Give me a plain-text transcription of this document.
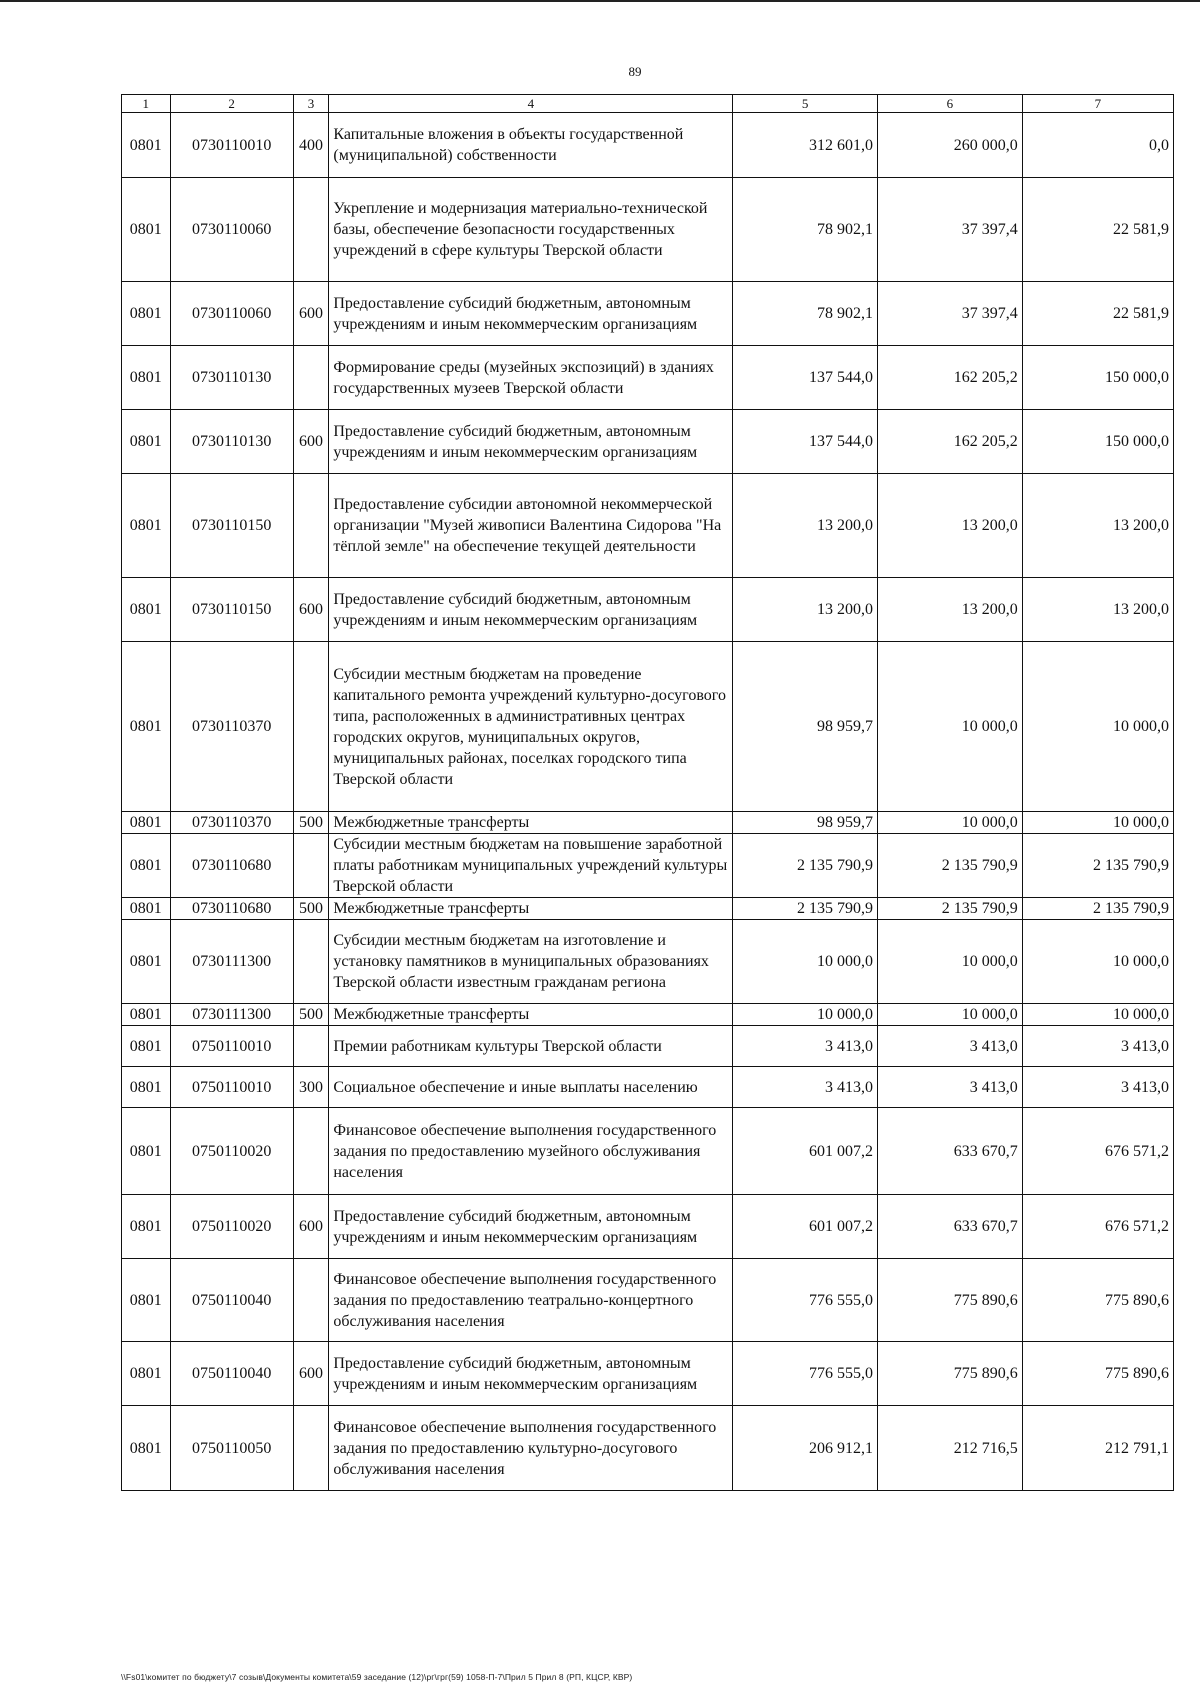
89
1	2	3	4	5	6	7
0801	0730110010	400	Капитальные вложения в объекты государственной (муниципальной) собственности	312 601,0	260 000,0	0,0
0801	0730110060		Укрепление и модернизация материально-технической базы, обеспечение безопасности государственных учреждений в сфере культуры Тверской области	78 902,1	37 397,4	22 581,9
0801	0730110060	600	Предоставление субсидий бюджетным, автономным учреждениям и иным некоммерческим организациям	78 902,1	37 397,4	22 581,9
0801	0730110130		Формирование среды (музейных экспозиций) в зданиях государственных музеев Тверской области	137 544,0	162 205,2	150 000,0
0801	0730110130	600	Предоставление субсидий бюджетным, автономным учреждениям и иным некоммерческим организациям	137 544,0	162 205,2	150 000,0
0801	0730110150		Предоставление субсидии автономной некоммерческой организации "Музей живописи Валентина Сидорова "На тёплой земле" на обеспечение текущей деятельности	13 200,0	13 200,0	13 200,0
0801	0730110150	600	Предоставление субсидий бюджетным, автономным учреждениям и иным некоммерческим организациям	13 200,0	13 200,0	13 200,0
0801	0730110370		Субсидии местным бюджетам на проведение капитального ремонта учреждений культурно-досугового типа, расположенных в административных центрах городских округов, муниципальных округов, муниципальных районах, поселках городского типа Тверской области	98 959,7	10 000,0	10 000,0
0801	0730110370	500	Межбюджетные трансферты	98 959,7	10 000,0	10 000,0
0801	0730110680		Субсидии местным бюджетам на повышение заработной платы работникам муниципальных учреждений культуры Тверской области	2 135 790,9	2 135 790,9	2 135 790,9
0801	0730110680	500	Межбюджетные трансферты	2 135 790,9	2 135 790,9	2 135 790,9
0801	0730111300		Субсидии местным бюджетам на изготовление и установку памятников в муниципальных образованиях Тверской области известным гражданам региона	10 000,0	10 000,0	10 000,0
0801	0730111300	500	Межбюджетные трансферты	10 000,0	10 000,0	10 000,0
0801	0750110010		Премии работникам культуры Тверской области	3 413,0	3 413,0	3 413,0
0801	0750110010	300	Социальное обеспечение и иные выплаты населению	3 413,0	3 413,0	3 413,0
0801	0750110020		Финансовое обеспечение выполнения государственного задания по предоставлению музейного обслуживания населения	601 007,2	633 670,7	676 571,2
0801	0750110020	600	Предоставление субсидий бюджетным, автономным учреждениям и иным некоммерческим организациям	601 007,2	633 670,7	676 571,2
0801	0750110040		Финансовое обеспечение выполнения государственного задания по предоставлению театрально-концертного обслуживания населения	776 555,0	775 890,6	775 890,6
0801	0750110040	600	Предоставление субсидий бюджетным, автономным учреждениям и иным некоммерческим организациям	776 555,0	775 890,6	775 890,6
0801	0750110050		Финансовое обеспечение выполнения государственного задания по предоставлению культурно-досугового обслуживания населения	206 912,1	212 716,5	212 791,1
\\Fs01\комитет по бюджету\7 созыв\Документы комитета\59 заседание (12)\рг\грг(59) 1058-П-7\Прил 5 Прил 8 (РП, КЦСР, КВР)
